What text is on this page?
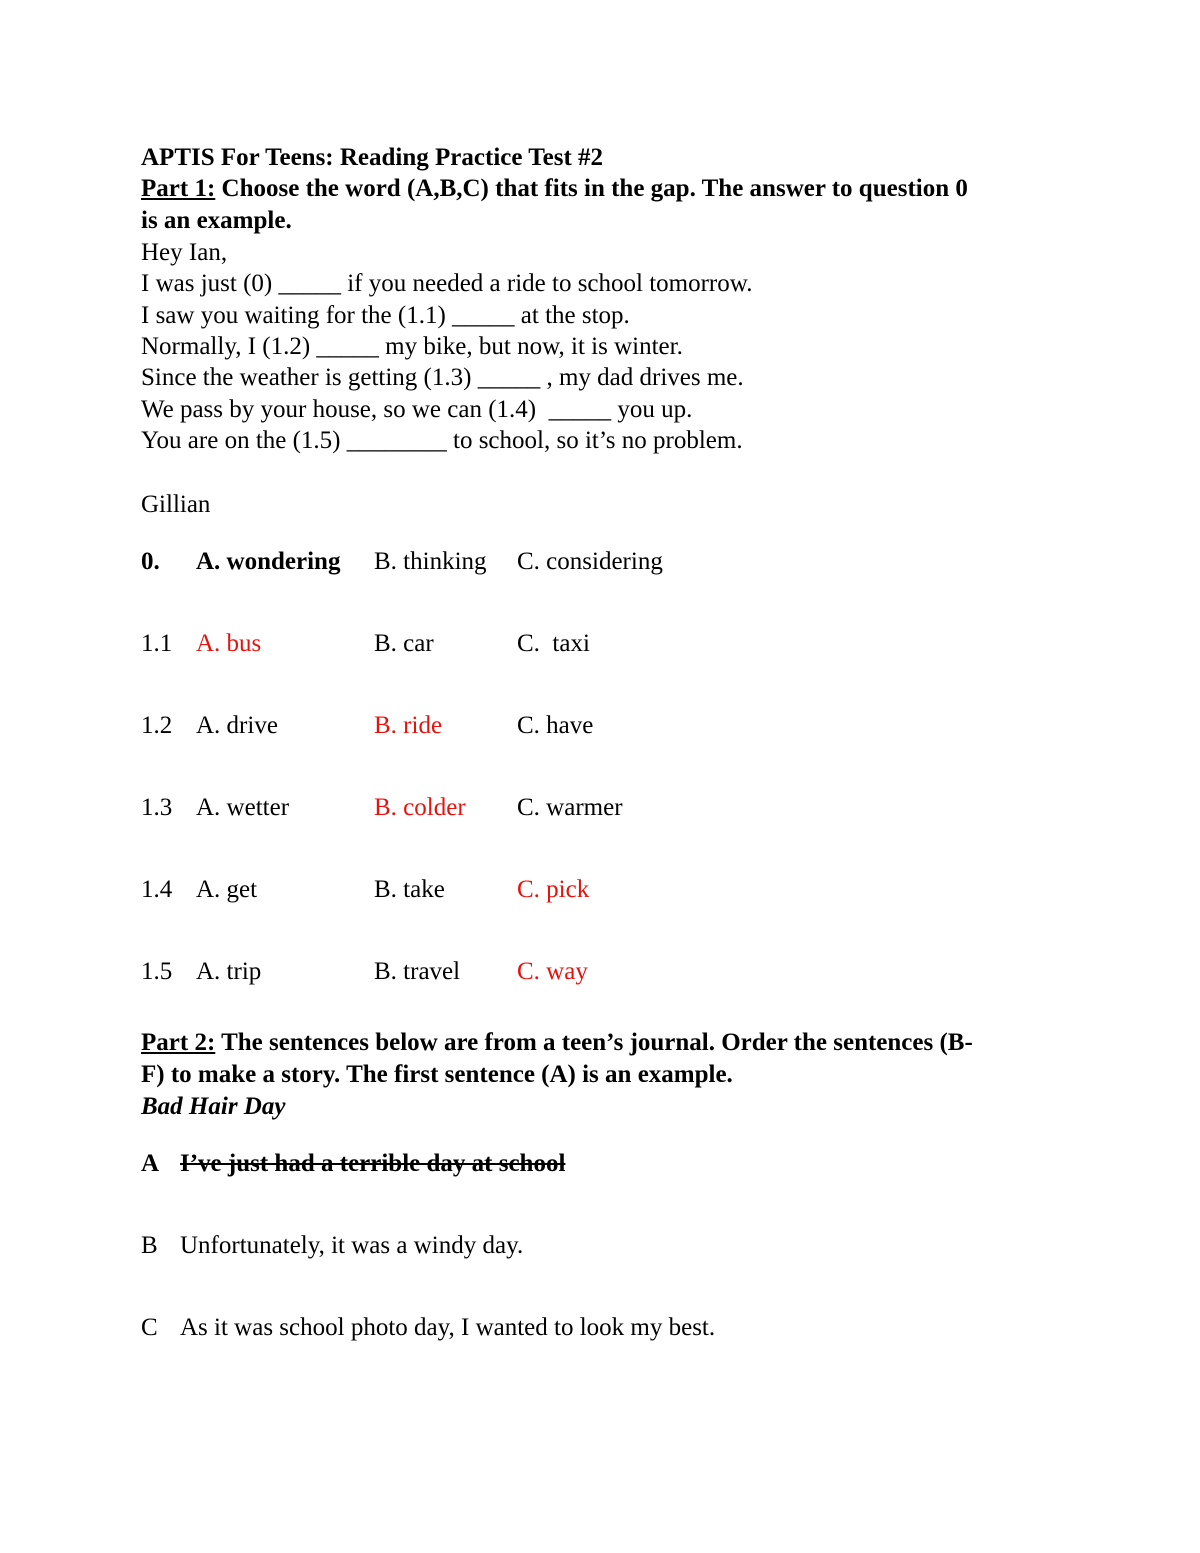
APTIS For Teens: Reading Practice Test #2
Part 1: Choose the word (A,B,C) that fits in the gap. The answer to question 0
is an example.
Hey Ian,
I was just (0) _____ if you needed a ride to school tomorrow.
I saw you waiting for the (1.1) _____ at the stop.
Normally, I (1.2) _____ my bike, but now, it is winter.
Since the weather is getting (1.3) _____ , my dad drives me.
We pass by your house, so we can (1.4)  _____ you up.
You are on the (1.5) ________ to school, so it’s no problem.
Gillian
0. A. wondering B. thinking C. considering
1.1 A. bus	B. car	C.  taxi
1.2 A. drive	B. ride	C. have
1.3 A. wetter	B. colder C. warmer
1.4 A. get	B. take	C. pick
1.5 A. trip	B. travel C. way
Part 2: The sentences below are from a teen’s journal. Order the sentences (B-
F) to make a story. The first sentence (A) is an example.
Bad Hair Day
A I’ve just had a terrible day at school
B Unfortunately, it was a windy day.
C As it was school photo day, I wanted to look my best.
